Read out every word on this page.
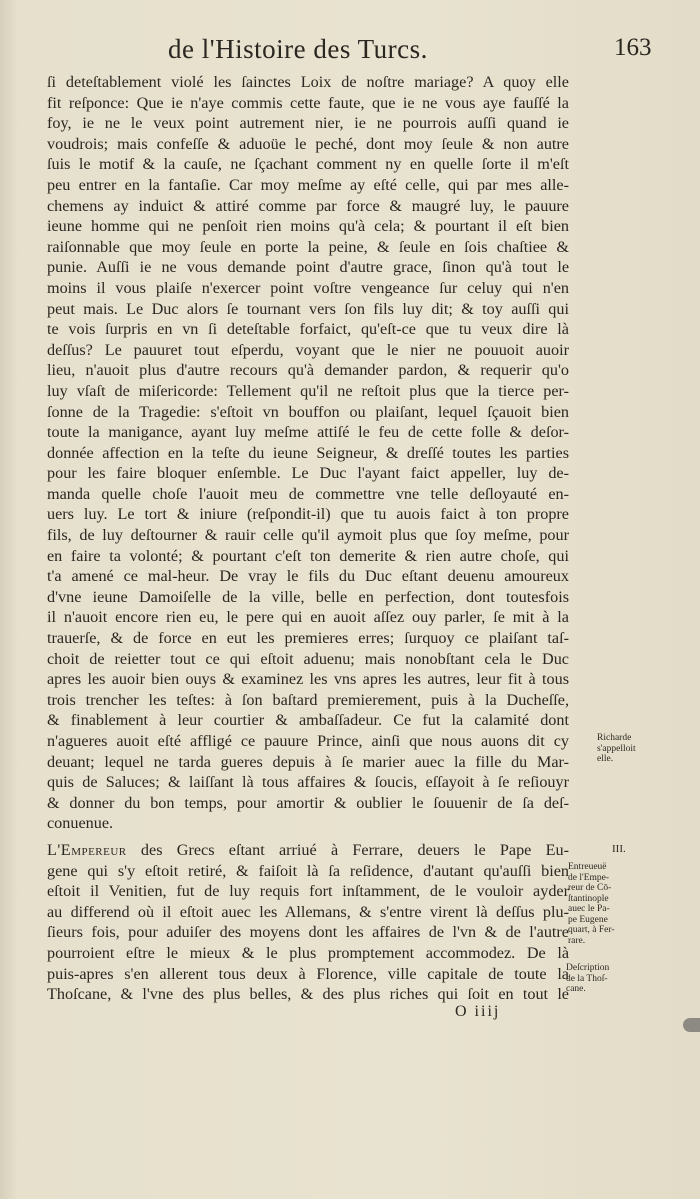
de l'Histoire des Turcs.	163
ſi deteſtablement violé les ſainctes Loix de noſtre mariage? A quoy elle
fit reſponce: Que ie n'aye commis cette faute, que ie ne vous aye fauſſé la
foy, ie ne le veux point autrement nier, ie ne pourrois auſſi quand ie
voudrois; mais confeſſe & aduoüe le peché, dont moy ſeule & non autre
ſuis le motif & la cauſe, ne ſçachant comment ny en quelle ſorte il m'eſt
peu entrer en la fantaſie. Car moy meſme ay eſté celle, qui par mes alle-
chemens ay induict & attiré comme par force & maugré luy, le pauure
ieune homme qui ne penſoit rien moins qu'à cela; & pourtant il eſt bien
raiſonnable que moy ſeule en porte la peine, & ſeule en ſois chaſtiee &
punie. Auſſi ie ne vous demande point d'autre grace, ſinon qu'à tout le
moins il vous plaiſe n'exercer point voſtre vengeance ſur celuy qui n'en
peut mais. Le Duc alors ſe tournant vers ſon fils luy dit; & toy auſſi qui
te vois ſurpris en vn ſi deteſtable forfaict, qu'eſt-ce que tu veux dire là
deſſus? Le pauuret tout eſperdu, voyant que le nier ne pouuoit auoir
lieu, n'auoit plus d'autre recours qu'à demander pardon, & requerir qu'o
luy vſaſt de miſericorde: Tellement qu'il ne reſtoit plus que la tierce per-
ſonne de la Tragedie: s'eſtoit vn bouffon ou plaiſant, lequel ſçauoit bien
toute la manigance, ayant luy meſme attiſé le feu de cette folle & deſor-
donnée affection en la teſte du ieune Seigneur, & dreſſé toutes les parties
pour les faire bloquer enſemble. Le Duc l'ayant faict appeller, luy de-
manda quelle choſe l'auoit meu de commettre vne telle deſloyauté en-
uers luy. Le tort & iniure (reſpondit-il) que tu auois faict à ton propre
fils, de luy deſtourner & rauir celle qu'il aymoit plus que ſoy meſme, pour
en faire ta volonté; & pourtant c'eſt ton demerite & rien autre choſe, qui
t'a amené ce mal-heur. De vray le fils du Duc eſtant deuenu amoureux
d'vne ieune Damoiſelle de la ville, belle en perfection, dont toutesfois
il n'auoit encore rien eu, le pere qui en auoit aſſez ouy parler, ſe mit à la
trauerſe, & de force en eut les premieres erres; ſurquoy ce plaiſant taſ-
choit de reietter tout ce qui eſtoit aduenu; mais nonobſtant cela le Duc
apres les auoir bien ouys & examinez les vns apres les autres, leur fit à tous
trois trencher les teſtes: à ſon baſtard premierement, puis à la Ducheſſe,
& finablement à leur courtier & ambaſſadeur. Ce fut la calamité dont
n'agueres auoit eſté affligé ce pauure Prince, ainſi que nous auons dit cy
deuant; lequel ne tarda gueres depuis à ſe marier auec la fille du Mar-
quis de Saluces; & laiſſant là tous affaires & ſoucis, eſſayoit à ſe reſiouyr
& donner du bon temps, pour amortir & oublier le ſouuenir de ſa deſ-
conuenue.
L'Empereur des Grecs eſtant arriué à Ferrare, deuers le Pape Eu-
gene qui s'y eſtoit retiré, & faiſoit là ſa reſidence, d'autant qu'auſſi bien
eſtoit il Venitien, fut de luy requis fort inſtamment, de le vouloir ayder
au differend où il eſtoit auec les Allemans, & s'entre virent là deſſus plu-
ſieurs fois, pour aduiſer des moyens dont les affaires de l'vn & de l'autre
pourroient eſtre le mieux & le plus promptement accommodez. De là
puis-apres s'en allerent tous deux à Florence, ville capitale de toute la
Thoſcane, & l'vne des plus belles, & des plus riches qui ſoit en tout le
Richarde
s'appelloit
elle.
III.
Entreueuë
de l'Empe-
reur de Cō-
ſtantinople
auec le Pa-
pe Eugene
quart, à Fer-
rare.
Deſcription
de la Thoſ-
cane.
O iiij
